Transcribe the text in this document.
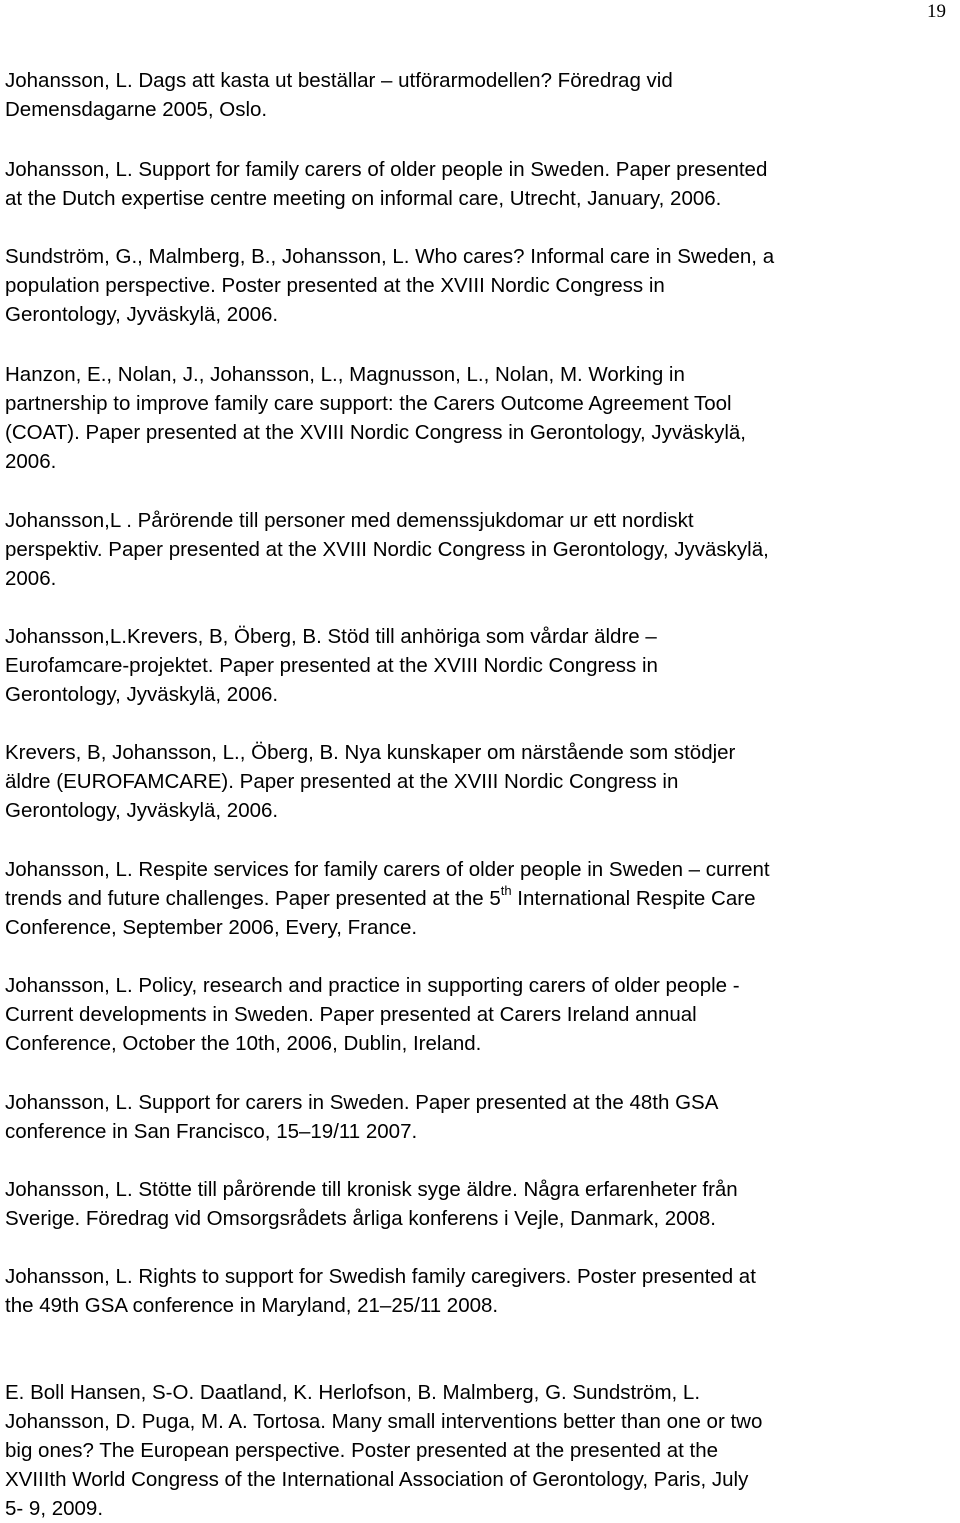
19
Johansson, L. Dags att kasta ut beställar – utförarmodellen? Föredrag vid
Demensdagarne 2005, Oslo.
Johansson, L. Support for family carers of older people in Sweden. Paper presented
at the Dutch expertise centre meeting on informal care, Utrecht, January, 2006.
Sundström, G., Malmberg, B., Johansson, L. Who cares? Informal care in Sweden, a
population perspective. Poster presented at the XVIII Nordic Congress in
Gerontology, Jyväskylä, 2006.
Hanzon, E., Nolan, J., Johansson, L., Magnusson, L., Nolan, M. Working in
partnership to improve family care support: the Carers Outcome Agreement Tool
(COAT). Paper presented at the XVIII Nordic Congress in Gerontology, Jyväskylä,
2006.
Johansson,L . Pårörende till personer med demenssjukdomar ur ett nordiskt
perspektiv. Paper presented at the XVIII Nordic Congress in Gerontology, Jyväskylä,
2006.
Johansson,L.Krevers, B, Öberg, B. Stöd till anhöriga som vårdar äldre –
Eurofamcare-projektet. Paper presented at the XVIII Nordic Congress in
Gerontology, Jyväskylä, 2006.
Krevers, B, Johansson, L., Öberg, B. Nya kunskaper om närstående som stödjer
äldre (EUROFAMCARE). Paper presented at the XVIII Nordic Congress in
Gerontology, Jyväskylä, 2006.
Johansson, L. Respite services for family carers of older people in Sweden – current
trends and future challenges. Paper presented at the 5th International Respite Care
Conference, September 2006, Every, France.
Johansson, L. Policy, research and practice in supporting carers of older people -
Current developments in Sweden. Paper presented at Carers Ireland annual
Conference, October the 10th, 2006, Dublin, Ireland.
Johansson, L. Support for carers in Sweden. Paper presented at the 48th GSA
conference in San Francisco, 15–19/11 2007.
Johansson, L. Stötte till pårörende till kronisk syge äldre. Några erfarenheter från
Sverige. Föredrag vid Omsorgsrådets årliga konferens i Vejle, Danmark, 2008.
Johansson, L. Rights to support for Swedish family caregivers. Poster presented at
the 49th GSA conference in Maryland, 21–25/11 2008.
E. Boll Hansen, S-O. Daatland, K. Herlofson, B. Malmberg, G. Sundström, L.
Johansson, D. Puga, M. A. Tortosa. Many small interventions better than one or two
big ones? The European perspective. Poster presented at the presented at the
XVIIIth World Congress of the International Association of Gerontology, Paris, July
5- 9, 2009.
